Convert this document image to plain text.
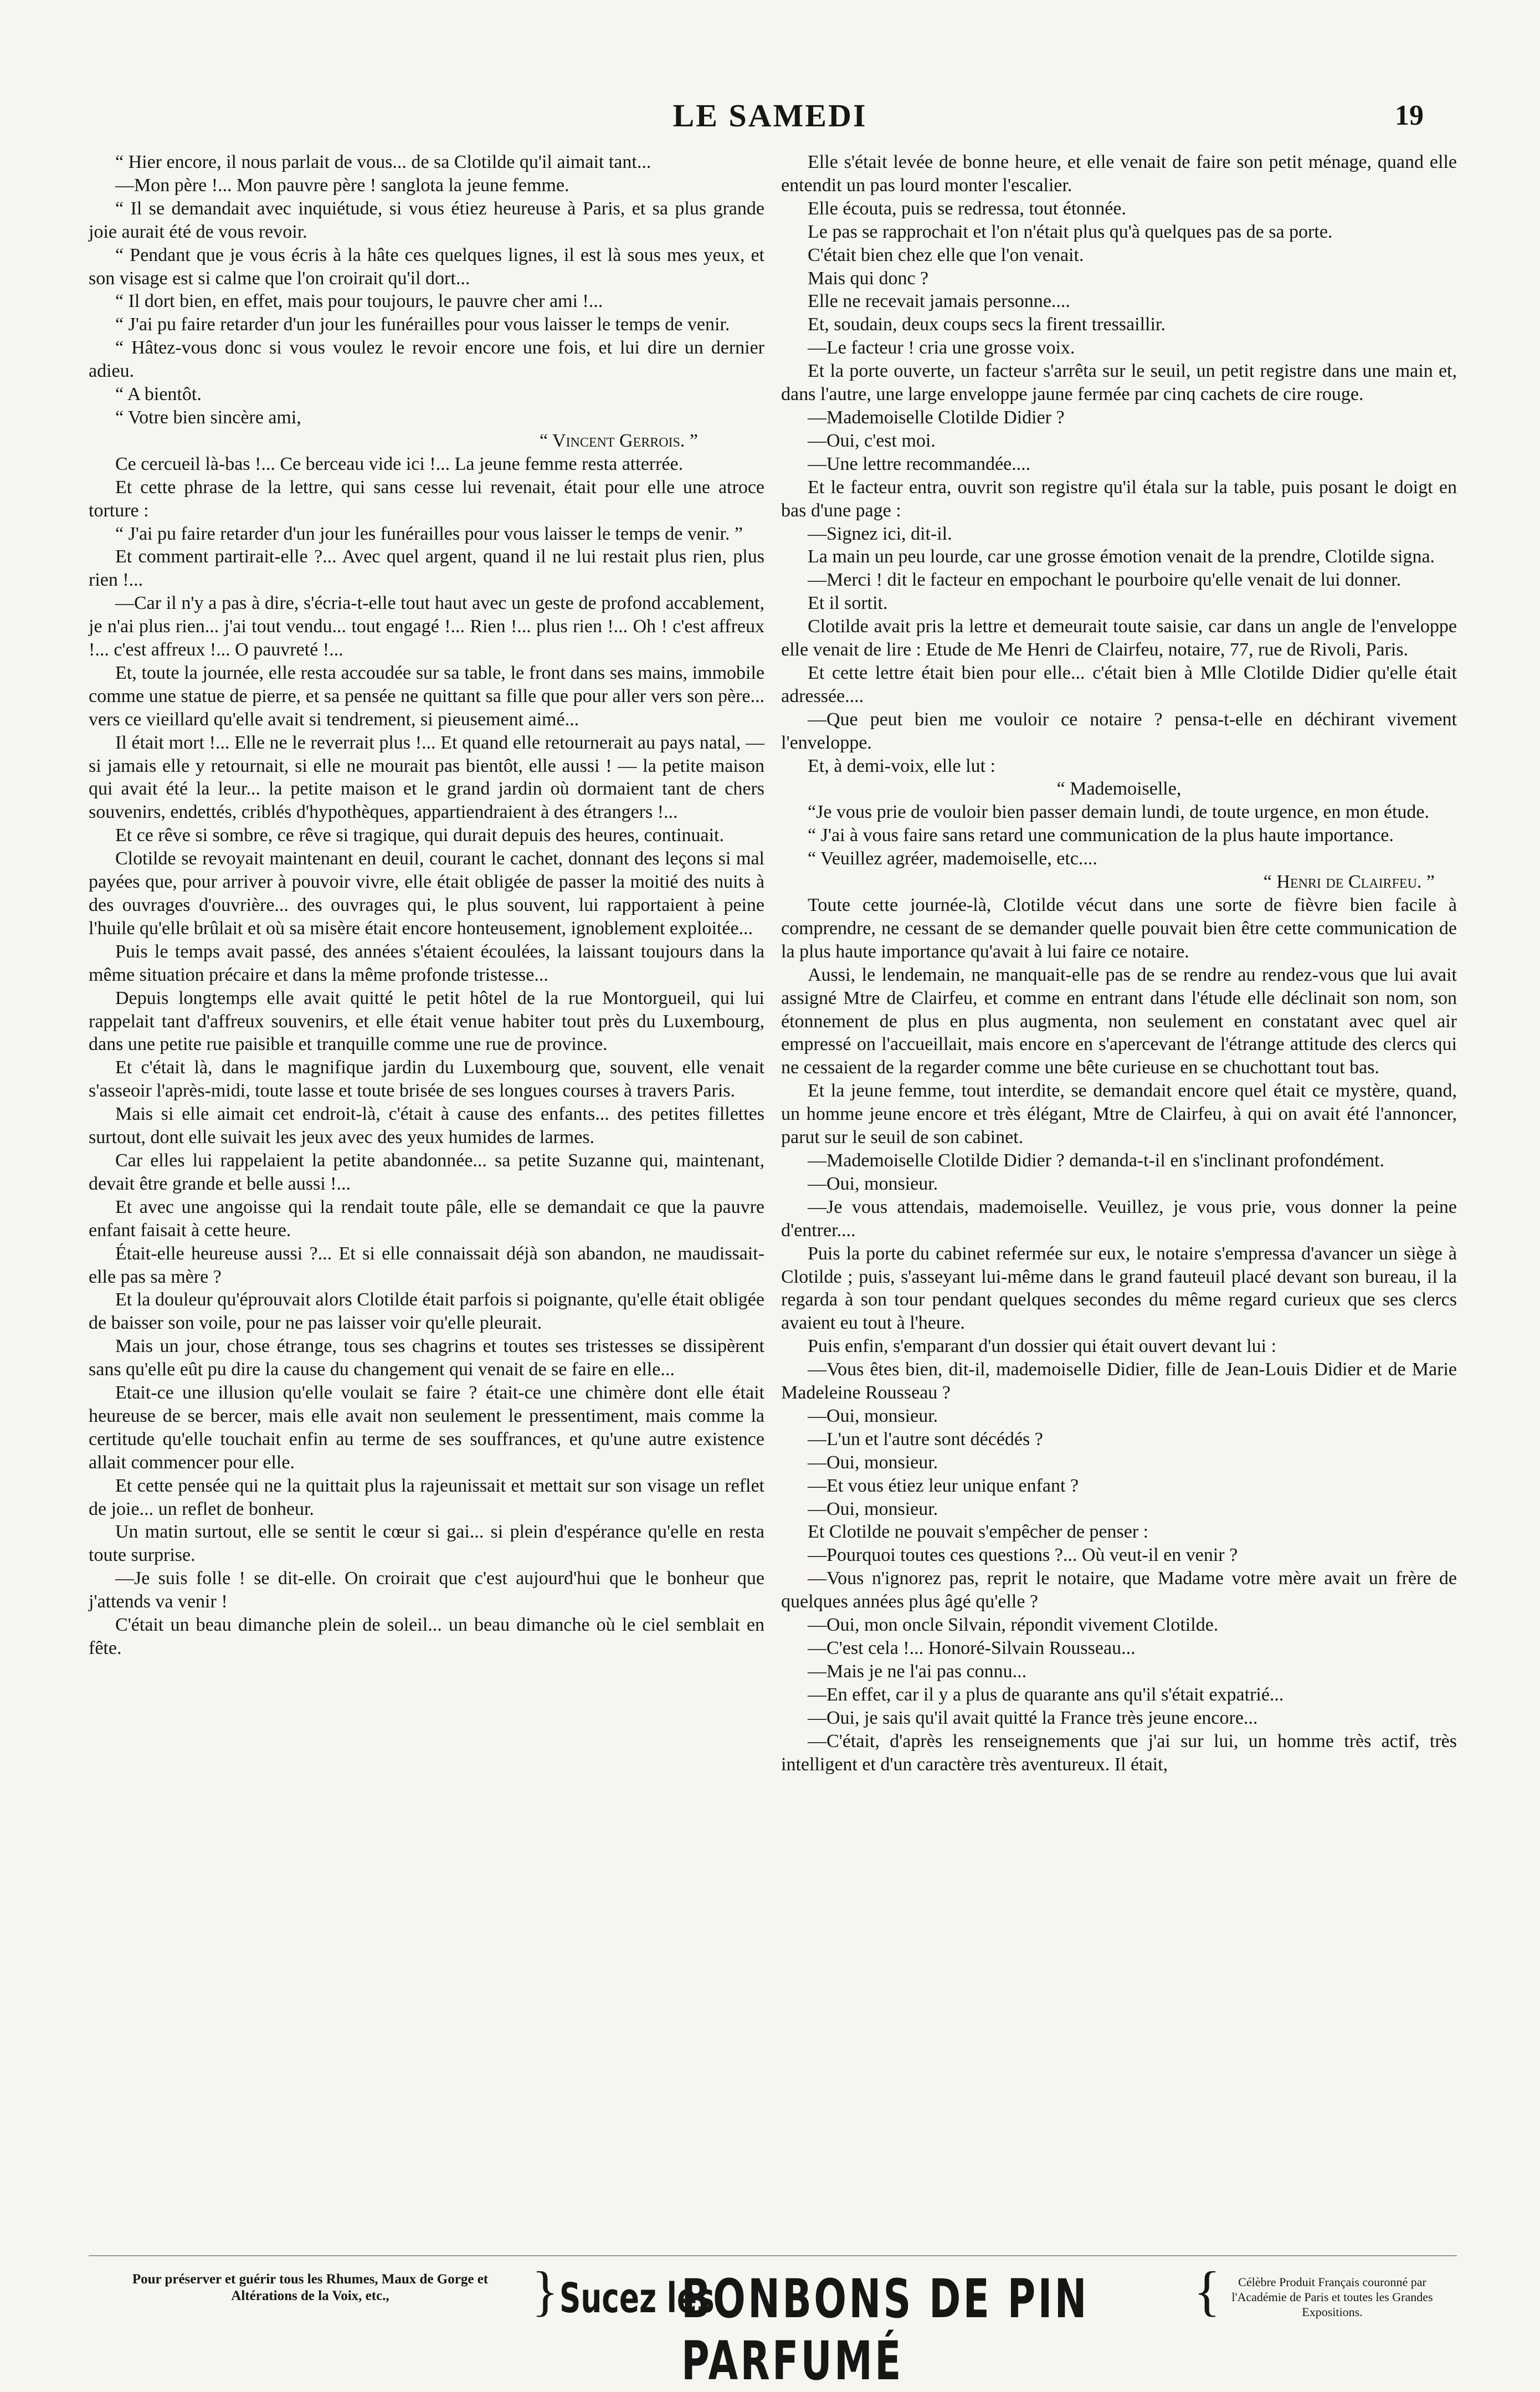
LE SAMEDI	19

“ Hier encore, il nous parlait de vous... de sa Clotilde qu'il aimait tant...

—Mon père !... Mon pauvre père ! sanglota la jeune femme.

“ Il se demandait avec inquiétude, si vous étiez heureuse à Paris, et sa plus grande joie aurait été de vous revoir.

“ Pendant que je vous écris à la hâte ces quelques lignes, il est là sous mes yeux, et son visage est si calme que l'on croirait qu'il dort...

“ Il dort bien, en effet, mais pour toujours, le pauvre cher ami !...

“ J'ai pu faire retarder d'un jour les funérailles pour vous laisser le temps de venir.

“ Hâtez-vous donc si vous voulez le revoir encore une fois, et lui dire un dernier adieu.

“ A bientôt.

“ Votre bien sincère ami,

“ Vincent Gerrois. ”

Ce cercueil là-bas !... Ce berceau vide ici !... La jeune femme resta atterrée.

Et cette phrase de la lettre, qui sans cesse lui revenait, était pour elle une atroce torture :

“ J'ai pu faire retarder d'un jour les funérailles pour vous laisser le temps de venir. ”

Et comment partirait-elle ?... Avec quel argent, quand il ne lui restait plus rien, plus rien !...

—Car il n'y a pas à dire, s'écria-t-elle tout haut avec un geste de profond accablement, je n'ai plus rien... j'ai tout vendu... tout engagé !... Rien !... plus rien !... Oh ! c'est affreux !... c'est affreux !... O pauvreté !...

Et, toute la journée, elle resta accoudée sur sa table, le front dans ses mains, immobile comme une statue de pierre, et sa pensée ne quittant sa fille que pour aller vers son père... vers ce vieillard qu'elle avait si tendrement, si pieusement aimé...

Il était mort !... Elle ne le reverrait plus !... Et quand elle retournerait au pays natal, — si jamais elle y retournait, si elle ne mourait pas bientôt, elle aussi ! — la petite maison qui avait été la leur... la petite maison et le grand jardin où dormaient tant de chers souvenirs, endettés, criblés d'hypothèques, appartiendraient à des étrangers !...

Et ce rêve si sombre, ce rêve si tragique, qui durait depuis des heures, continuait.

Clotilde se revoyait maintenant en deuil, courant le cachet, donnant des leçons si mal payées que, pour arriver à pouvoir vivre, elle était obligée de passer la moitié des nuits à des ouvrages d'ouvrière... des ouvrages qui, le plus souvent, lui rapportaient à peine l'huile qu'elle brûlait et où sa misère était encore honteusement, ignoblement exploitée...

Puis le temps avait passé, des années s'étaient écoulées, la laissant toujours dans la même situation précaire et dans la même profonde tristesse...

Depuis longtemps elle avait quitté le petit hôtel de la rue Montorgueil, qui lui rappelait tant d'affreux souvenirs, et elle était venue habiter tout près du Luxembourg, dans une petite rue paisible et tranquille comme une rue de province.

Et c'était là, dans le magnifique jardin du Luxembourg que, souvent, elle venait s'asseoir l'après-midi, toute lasse et toute brisée de ses longues courses à travers Paris.

Mais si elle aimait cet endroit-là, c'était à cause des enfants... des petites fillettes surtout, dont elle suivait les jeux avec des yeux humides de larmes.

Car elles lui rappelaient la petite abandonnée... sa petite Suzanne qui, maintenant, devait être grande et belle aussi !...

Et avec une angoisse qui la rendait toute pâle, elle se demandait ce que la pauvre enfant faisait à cette heure.

Était-elle heureuse aussi ?... Et si elle connaissait déjà son abandon, ne maudissait-elle pas sa mère ?

Et la douleur qu'éprouvait alors Clotilde était parfois si poignante, qu'elle était obligée de baisser son voile, pour ne pas laisser voir qu'elle pleurait.

Mais un jour, chose étrange, tous ses chagrins et toutes ses tristesses se dissipèrent sans qu'elle eût pu dire la cause du changement qui venait de se faire en elle...

Etait-ce une illusion qu'elle voulait se faire ? était-ce une chimère dont elle était heureuse de se bercer, mais elle avait non seulement le pressentiment, mais comme la certitude qu'elle touchait enfin au terme de ses souffrances, et qu'une autre existence allait commencer pour elle.

Et cette pensée qui ne la quittait plus la rajeunissait et mettait sur son visage un reflet de joie... un reflet de bonheur.

Un matin surtout, elle se sentit le cœur si gai... si plein d'espérance qu'elle en resta toute surprise.

—Je suis folle ! se dit-elle. On croirait que c'est aujourd'hui que le bonheur que j'attends va venir !

C'était un beau dimanche plein de soleil... un beau dimanche où le ciel semblait en fête.

Elle s'était levée de bonne heure, et elle venait de faire son petit ménage, quand elle entendit un pas lourd monter l'escalier.

Elle écouta, puis se redressa, tout étonnée.

Le pas se rapprochait et l'on n'était plus qu'à quelques pas de sa porte.

C'était bien chez elle que l'on venait.

Mais qui donc ?

Elle ne recevait jamais personne....

Et, soudain, deux coups secs la firent tressaillir.

—Le facteur ! cria une grosse voix.

Et la porte ouverte, un facteur s'arrêta sur le seuil, un petit registre dans une main et, dans l'autre, une large enveloppe jaune fermée par cinq cachets de cire rouge.

—Mademoiselle Clotilde Didier ?

—Oui, c'est moi.

—Une lettre recommandée....

Et le facteur entra, ouvrit son registre qu'il étala sur la table, puis posant le doigt en bas d'une page :

—Signez ici, dit-il.

La main un peu lourde, car une grosse émotion venait de la prendre, Clotilde signa.

—Merci ! dit le facteur en empochant le pourboire qu'elle venait de lui donner.

Et il sortit.

Clotilde avait pris la lettre et demeurait toute saisie, car dans un angle de l'enveloppe elle venait de lire : Etude de Me Henri de Clairfeu, notaire, 77, rue de Rivoli, Paris.

Et cette lettre était bien pour elle... c'était bien à Mlle Clotilde Didier qu'elle était adressée....

—Que peut bien me vouloir ce notaire ? pensa-t-elle en déchirant vivement l'enveloppe.

Et, à demi-voix, elle lut :

“ Mademoiselle,

“Je vous prie de vouloir bien passer demain lundi, de toute urgence, en mon étude.

“ J'ai à vous faire sans retard une communication de la plus haute importance.

“ Veuillez agréer, mademoiselle, etc....

“ Henri de Clairfeu. ”

Toute cette journée-là, Clotilde vécut dans une sorte de fièvre bien facile à comprendre, ne cessant de se demander quelle pouvait bien être cette communication de la plus haute importance qu'avait à lui faire ce notaire.

Aussi, le lendemain, ne manquait-elle pas de se rendre au rendez-vous que lui avait assigné Mtre de Clairfeu, et comme en entrant dans l'étude elle déclinait son nom, son étonnement de plus en plus augmenta, non seulement en constatant avec quel air empressé on l'accueillait, mais encore en s'apercevant de l'étrange attitude des clercs qui ne cessaient de la regarder comme une bête curieuse en se chuchottant tout bas.

Et la jeune femme, tout interdite, se demandait encore quel était ce mystère, quand, un homme jeune encore et très élégant, Mtre de Clairfeu, à qui on avait été l'annoncer, parut sur le seuil de son cabinet.

—Mademoiselle Clotilde Didier ? demanda-t-il en s'inclinant profondément.

—Oui, monsieur.

—Je vous attendais, mademoiselle. Veuillez, je vous prie, vous donner la peine d'entrer....

Puis la porte du cabinet refermée sur eux, le notaire s'empressa d'avancer un siège à Clotilde ; puis, s'asseyant lui-même dans le grand fauteuil placé devant son bureau, il la regarda à son tour pendant quelques secondes du même regard curieux que ses clercs avaient eu tout à l'heure.

Puis enfin, s'emparant d'un dossier qui était ouvert devant lui :

—Vous êtes bien, dit-il, mademoiselle Didier, fille de Jean-Louis Didier et de Marie Madeleine Rousseau ?

—Oui, monsieur.

—L'un et l'autre sont décédés ?

—Oui, monsieur.

—Et vous étiez leur unique enfant ?

—Oui, monsieur.

Et Clotilde ne pouvait s'empêcher de penser :

—Pourquoi toutes ces questions ?... Où veut-il en venir ?

—Vous n'ignorez pas, reprit le notaire, que Madame votre mère avait un frère de quelques années plus âgé qu'elle ?

—Oui, mon oncle Silvain, répondit vivement Clotilde.

—C'est cela !... Honoré-Silvain Rousseau...

—Mais je ne l'ai pas connu...

—En effet, car il y a plus de quarante ans qu'il s'était expatrié...

—Oui, je sais qu'il avait quitté la France très jeune encore...

—C'était, d'après les renseignements que j'ai sur lui, un homme très actif, très intelligent et d'un caractère très aventureux. Il était,

Pour préserver et guérir tous les Rhumes, Maux de Gorge et Altérations de la Voix, etc.,	} Sucez les
BONBONS DE PIN PARFUMÉ
{	Célèbre Produit Français couronné par l'Académie de Paris et toutes les Grandes Expositions.
